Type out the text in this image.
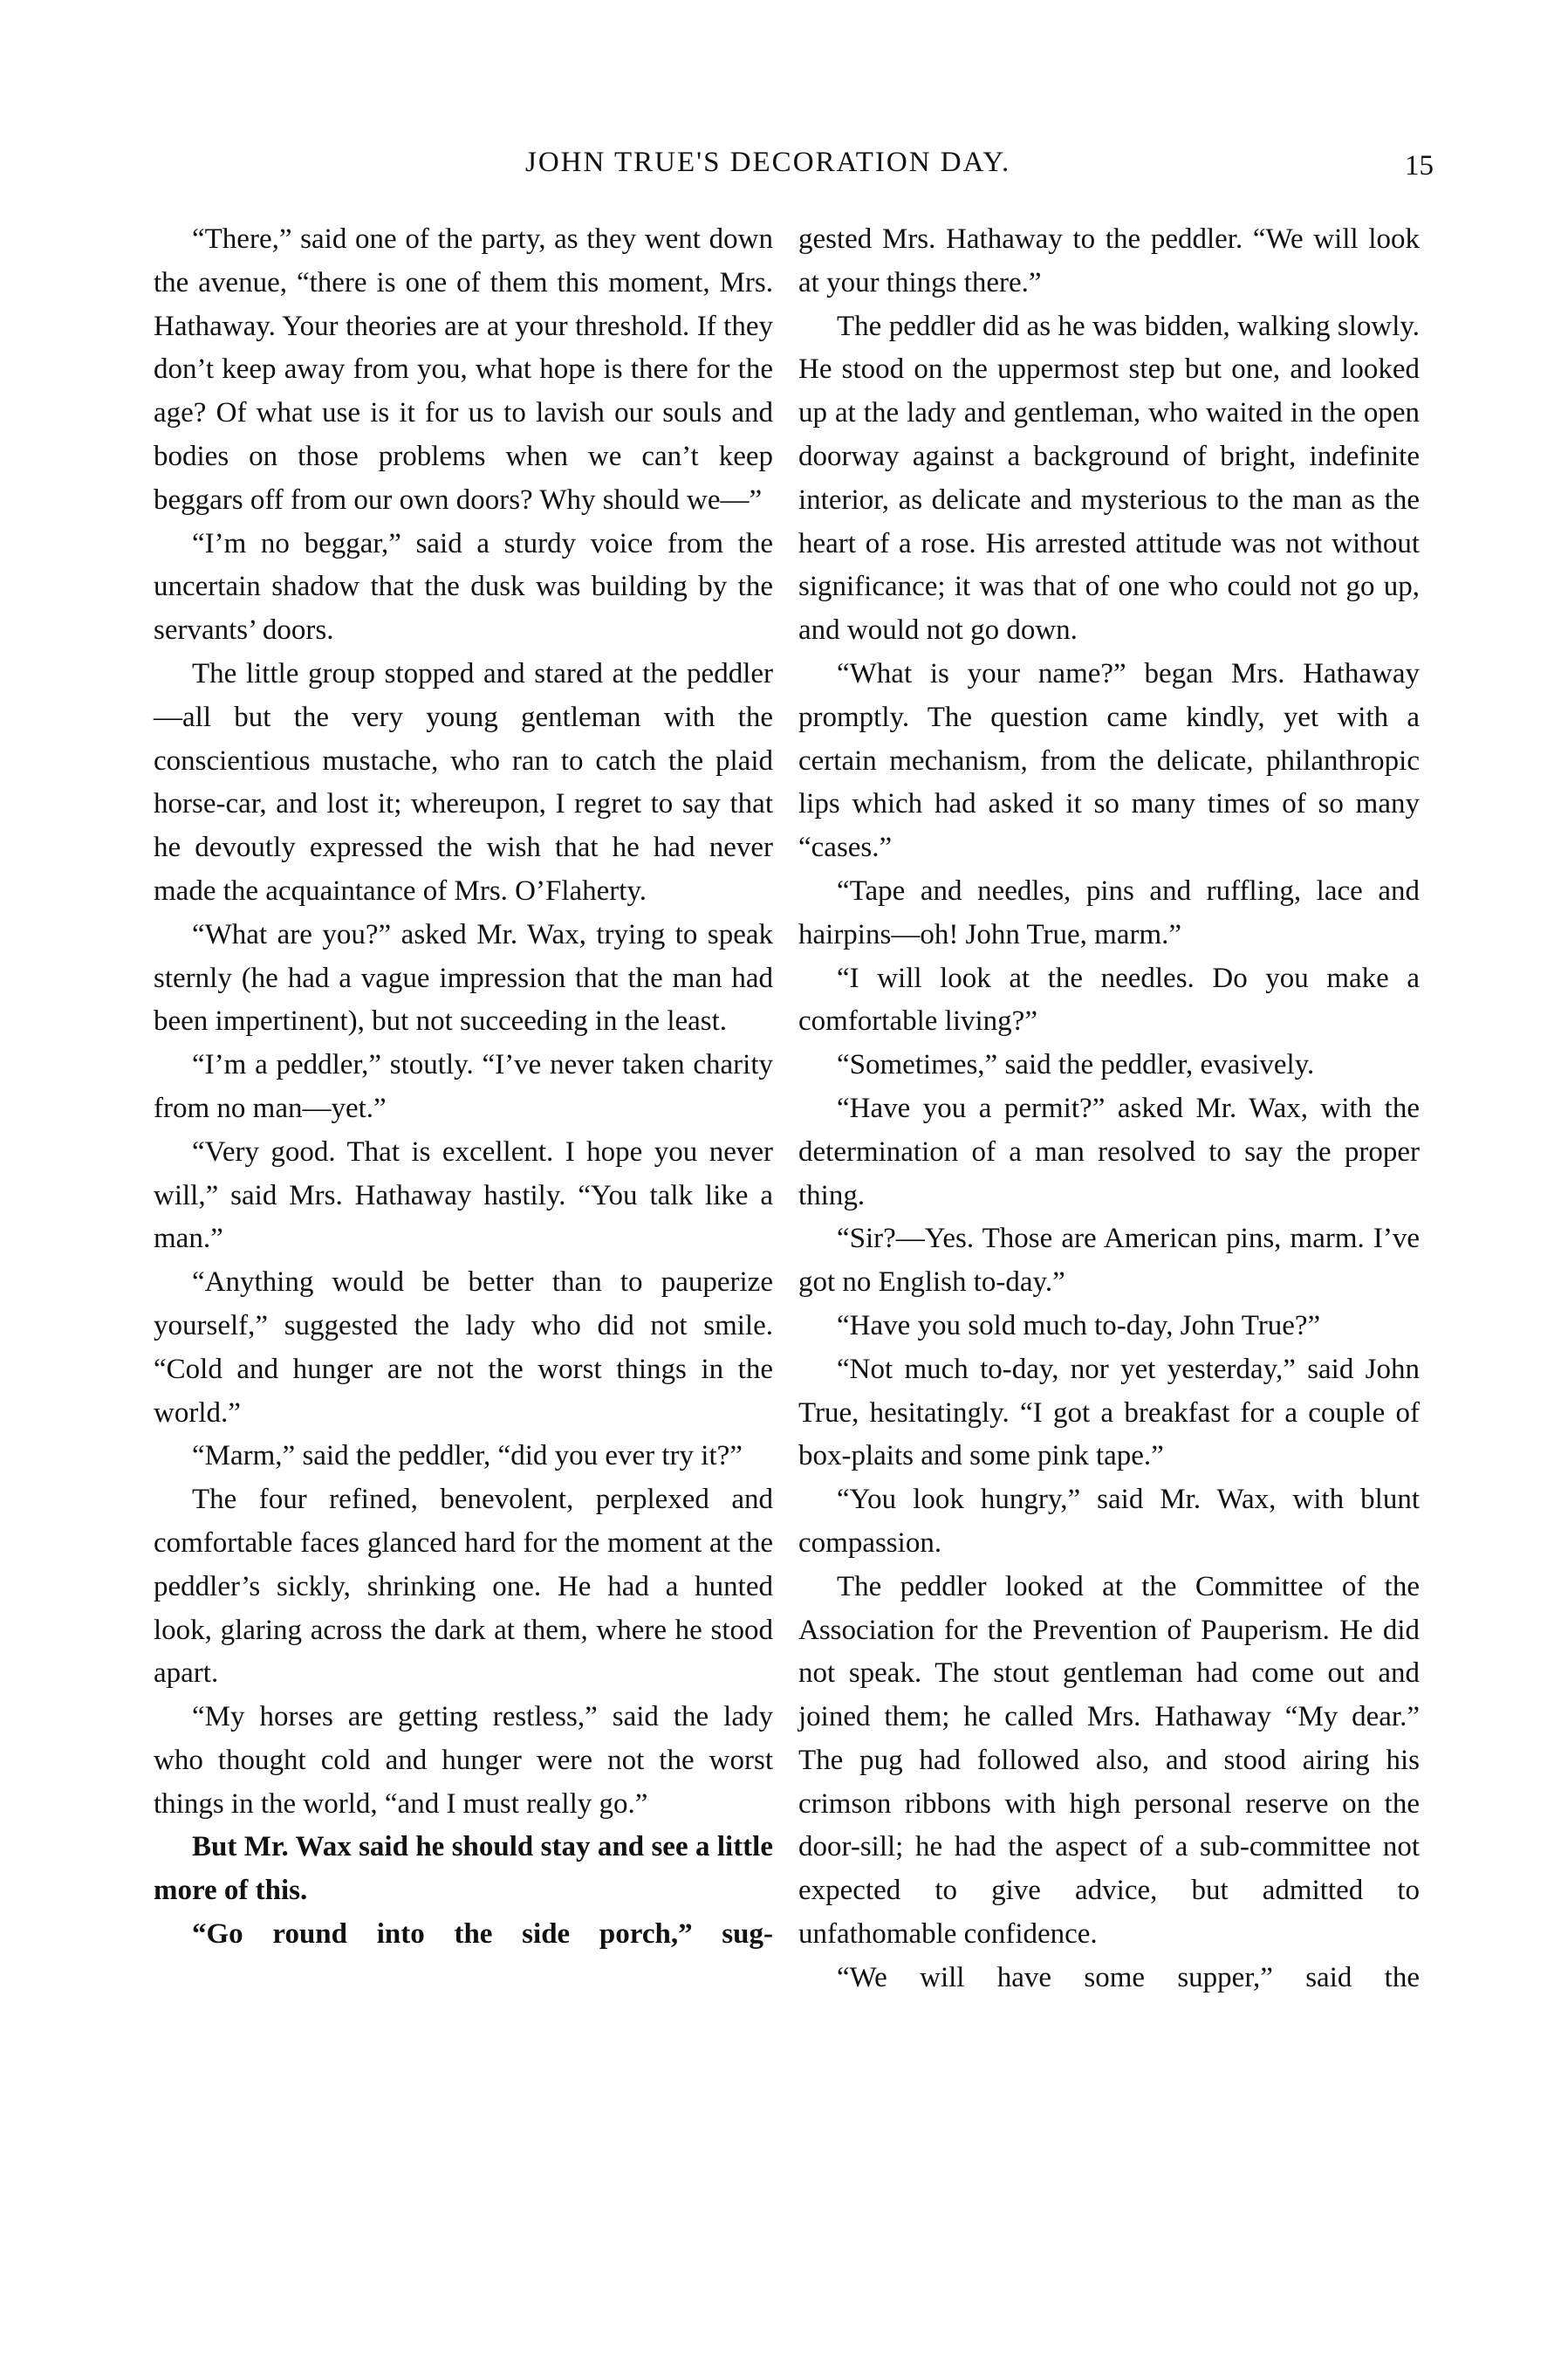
JOHN TRUE'S DECORATION DAY.	15

“There,” said one of the party, as they went down the avenue, “there is one of them this moment, Mrs. Hathaway. Your theories are at your threshold. If they don’t keep away from you, what hope is there for the age? Of what use is it for us to lavish our souls and bodies on those problems when we can’t keep beggars off from our own doors? Why should we—”

“I’m no beggar,” said a sturdy voice from the uncertain shadow that the dusk was building by the servants’ doors.

The little group stopped and stared at the peddler—all but the very young gentleman with the conscientious mustache, who ran to catch the plaid horse-car, and lost it; whereupon, I regret to say that he devoutly expressed the wish that he had never made the acquaintance of Mrs. O’Flaherty.

“What are you?” asked Mr. Wax, trying to speak sternly (he had a vague impression that the man had been impertinent), but not succeeding in the least.

“I’m a peddler,” stoutly. “I’ve never taken charity from no man—yet.”

“Very good. That is excellent. I hope you never will,” said Mrs. Hathaway hastily. “You talk like a man.”

“Anything would be better than to pauperize yourself,” suggested the lady who did not smile. “Cold and hunger are not the worst things in the world.”

“Marm,” said the peddler, “did you ever try it?”

The four refined, benevolent, perplexed and comfortable faces glanced hard for the moment at the peddler’s sickly, shrinking one. He had a hunted look, glaring across the dark at them, where he stood apart.

“My horses are getting restless,” said the lady who thought cold and hunger were not the worst things in the world, “and I must really go.”

But Mr. Wax said he should stay and see a little more of this.

“Go round into the side porch,” sug-

gested Mrs. Hathaway to the peddler. “We will look at your things there.”

The peddler did as he was bidden, walking slowly. He stood on the uppermost step but one, and looked up at the lady and gentleman, who waited in the open doorway against a background of bright, indefinite interior, as delicate and mysterious to the man as the heart of a rose. His arrested attitude was not without significance; it was that of one who could not go up, and would not go down.

“What is your name?” began Mrs. Hathaway promptly. The question came kindly, yet with a certain mechanism, from the delicate, philanthropic lips which had asked it so many times of so many “cases.”

“Tape and needles, pins and ruffling, lace and hairpins—oh! John True, marm.”

“I will look at the needles. Do you make a comfortable living?”

“Sometimes,” said the peddler, evasively.

“Have you a permit?” asked Mr. Wax, with the determination of a man resolved to say the proper thing.

“Sir?—Yes. Those are American pins, marm. I’ve got no English to-day.”

“Have you sold much to-day, John True?”

“Not much to-day, nor yet yesterday,” said John True, hesitatingly. “I got a breakfast for a couple of box-plaits and some pink tape.”

“You look hungry,” said Mr. Wax, with blunt compassion.

The peddler looked at the Committee of the Association for the Prevention of Pauperism. He did not speak. The stout gentleman had come out and joined them; he called Mrs. Hathaway “My dear.” The pug had followed also, and stood airing his crimson ribbons with high personal reserve on the door-sill; he had the aspect of a sub-committee not expected to give advice, but admitted to unfathomable confidence.

“We will have some supper,” said the
